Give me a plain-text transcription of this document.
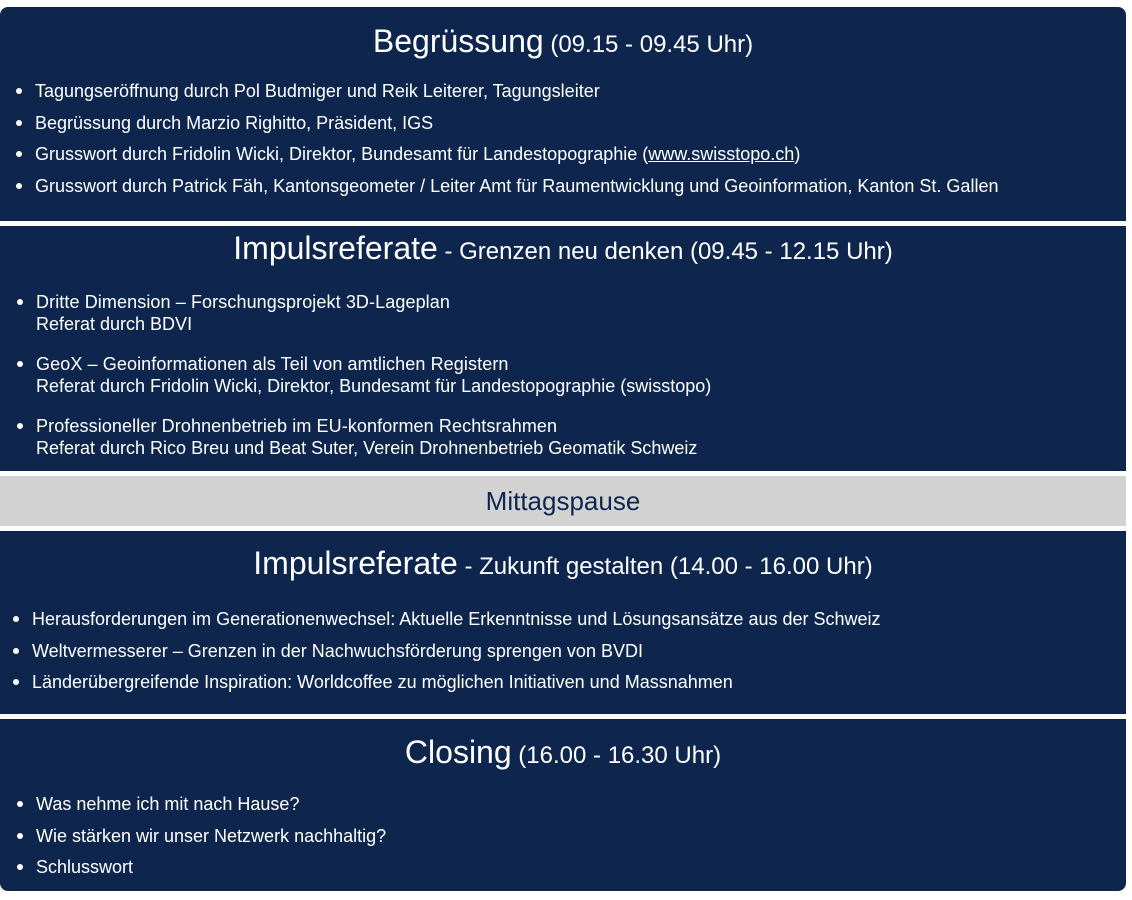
Begrüssung (09.15 - 09.45 Uhr)
Tagungseröffnung durch Pol Budmiger und Reik Leiterer, Tagungsleiter
Begrüssung durch Marzio Righitto, Präsident, IGS
Grusswort durch Fridolin Wicki, Direktor, Bundesamt für Landestopographie (www.swisstopo.ch)
Grusswort durch Patrick Fäh, Kantonsgeometer / Leiter Amt für Raumentwicklung und Geoinformation, Kanton St. Gallen
Impulsreferate - Grenzen neu denken (09.45 - 12.15 Uhr)
Dritte Dimension – Forschungsprojekt 3D-Lageplan
Referat durch BDVI
GeoX – Geoinformationen als Teil von amtlichen Registern
Referat durch Fridolin Wicki, Direktor, Bundesamt für Landestopographie (swisstopo)
Professioneller Drohnenbetrieb im EU-konformen Rechtsrahmen
Referat durch Rico Breu und Beat Suter, Verein Drohnenbetrieb Geomatik Schweiz
Mittagspause
Impulsreferate - Zukunft gestalten (14.00 - 16.00 Uhr)
Herausforderungen im Generationenwechsel: Aktuelle Erkenntnisse und Lösungsansätze aus der Schweiz
Weltvermesserer – Grenzen in der Nachwuchsförderung sprengen von BVDI
Länderübergreifende Inspiration: Worldcoffee zu möglichen Initiativen und Massnahmen
Closing (16.00 - 16.30 Uhr)
Was nehme ich mit nach Hause?
Wie stärken wir unser Netzwerk nachhaltig?
Schlusswort
